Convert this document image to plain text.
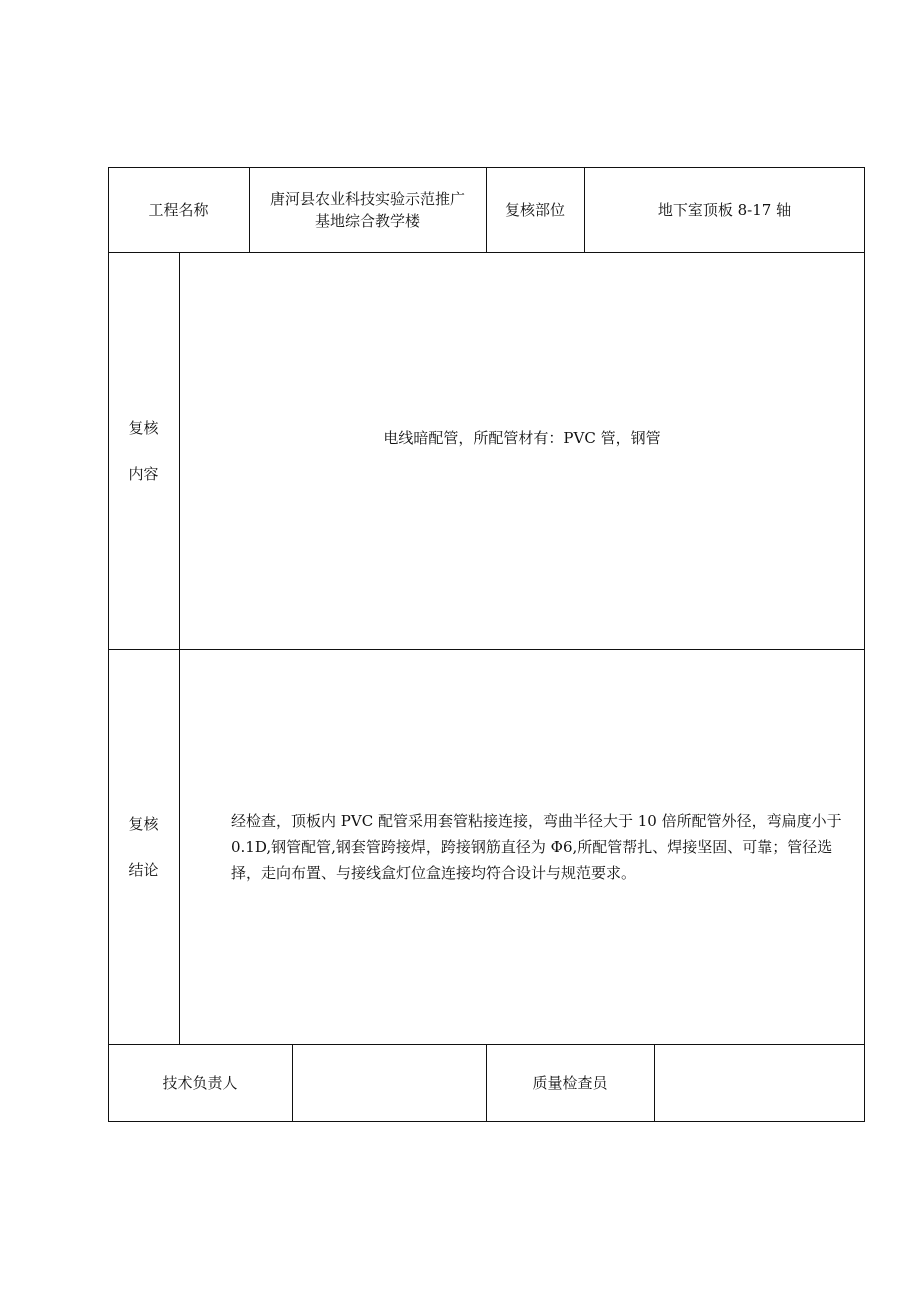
工程名称
唐河县农业科技实验示范推广
基地综合教学楼
复核部位	地下室顶板 8-17 轴
复核
内容
电线暗配管，所配管材有：PVC 管，钢管
复核
结论
经检查，顶板内 PVC 配管采用套管粘接连接，弯曲半径大于 10 倍所配管外径，弯扁度小于 0.1D,钢管配管,钢套管跨接焊，跨接钢筋直径为 Φ6,所配管帮扎、焊接坚固、可靠；管径选择，走向布置、与接线盒灯位盒连接均符合设计与规范要求。
技术负责人	质量检查员
